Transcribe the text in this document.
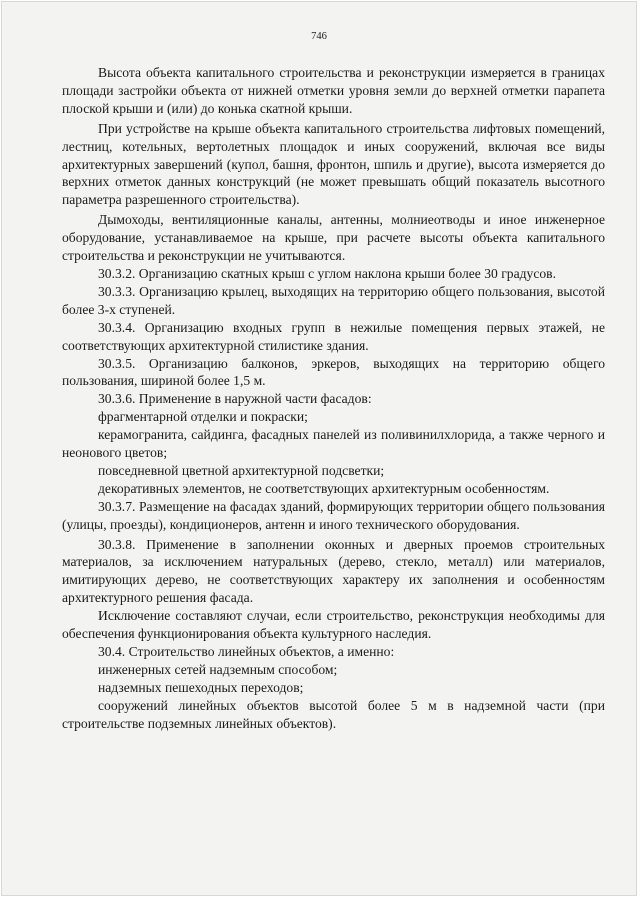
746

Высота объекта капитального строительства и реконструкции измеряется в границах площади застройки объекта от нижней отметки уровня земли до верхней отметки парапета плоской крыши и (или) до конька скатной крыши.

При устройстве на крыше объекта капитального строительства лифтовых помещений, лестниц, котельных, вертолетных площадок и иных сооружений, включая все виды архитектурных завершений (купол, башня, фронтон, шпиль и другие), высота измеряется до верхних отметок данных конструкций (не может превышать общий показатель высотного параметра разрешенного строительства).

Дымоходы, вентиляционные каналы, антенны, молниеотводы и иное инженерное оборудование, устанавливаемое на крыше, при расчете высоты объекта капитального строительства и реконструкции не учитываются.

30.3.2. Организацию скатных крыш с углом наклона крыши более 30 градусов.

30.3.3. Организацию крылец, выходящих на территорию общего пользования, высотой более 3-х ступеней.

30.3.4. Организацию входных групп в нежилые помещения первых этажей, не соответствующих архитектурной стилистике здания.

30.3.5. Организацию балконов, эркеров, выходящих на территорию общего пользования, шириной более 1,5 м.

30.3.6. Применение в наружной части фасадов:

фрагментарной отделки и покраски;

керамогранита, сайдинга, фасадных панелей из поливинилхлорида, а также черного и неонового цветов;

повседневной цветной архитектурной подсветки;

декоративных элементов, не соответствующих архитектурным особенностям.

30.3.7. Размещение на фасадах зданий, формирующих территории общего пользования (улицы, проезды), кондиционеров, антенн и иного технического оборудования.

30.3.8. Применение в заполнении оконных и дверных проемов строительных материалов, за исключением натуральных (дерево, стекло, металл) или материалов, имитирующих дерево, не соответствующих характеру их заполнения и особенностям архитектурного решения фасада.

Исключение составляют случаи, если строительство, реконструкция необходимы для обеспечения функционирования объекта культурного наследия.

30.4. Строительство линейных объектов, а именно:

инженерных сетей надземным способом;

надземных пешеходных переходов;

сооружений линейных объектов высотой более 5 м в надземной части (при строительстве подземных линейных объектов).
